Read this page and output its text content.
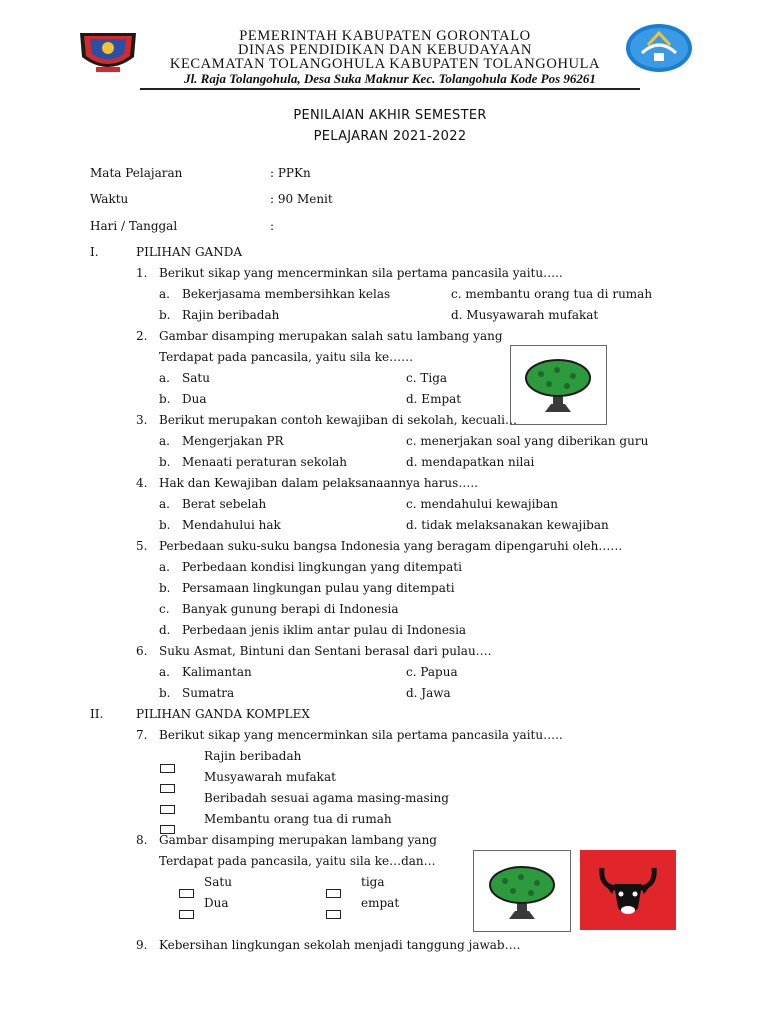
PEMERINTAH KABUPATEN GORONTALO
DINAS PENDIDIKAN DAN KEBUDAYAAN
KECAMATAN TOLANGOHULA KABUPATEN TOLANGOHULA
Jl. Raja Tolangohula, Desa Suka Maknur Kec. Tolangohula Kode Pos 96261
PENILAIAN AKHIR SEMESTER
PELAJARAN 2021-2022
Mata Pelajaran	: PPKn
Waktu	: 90 Menit
Hari / Tanggal	:
I.	PILIHAN GANDA
1. Berikut sikap yang mencerminkan sila pertama pancasila yaitu…..
a. Bekerjasama membersihkan kelas	c. membantu orang tua di rumah
b. Rajin beribadah	d. Musyawarah mufakat
2. Gambar disamping merupakan salah satu lambang yang
Terdapat pada pancasila, yaitu sila ke……
a. Satu	c. Tiga
b. Dua	d. Empat
3. Berikut merupakan contoh kewajiban di sekolah, kecuali…
a. Mengerjakan PR	c. menerjakan soal yang diberikan guru
b. Menaati peraturan sekolah	d. mendapatkan nilai
4. Hak dan Kewajiban dalam pelaksanaannya harus…..
a. Berat sebelah	c. mendahului kewajiban
b. Mendahului hak	d. tidak melaksanakan kewajiban
5. Perbedaan suku-suku bangsa Indonesia yang beragam dipengaruhi oleh……
a. Perbedaan kondisi lingkungan yang ditempati
b. Persamaan lingkungan pulau yang ditempati
c. Banyak gunung berapi di Indonesia
d. Perbedaan jenis iklim antar pulau di Indonesia
6. Suku Asmat, Bintuni dan Sentani berasal dari pulau….
a. Kalimantan	c. Papua
b. Sumatra	d. Jawa
II.	PILIHAN GANDA KOMPLEX
7. Berikut sikap yang mencerminkan sila pertama pancasila yaitu…..
Rajin beribadah
Musyawarah mufakat
Beribadah sesuai agama masing-masing
Membantu orang tua di rumah
8. Gambar disamping merupakan lambang yang
Terdapat pada pancasila, yaitu sila ke…dan…
Satu	tiga
Dua	empat
9. Kebersihan lingkungan sekolah menjadi tanggung jawab….
